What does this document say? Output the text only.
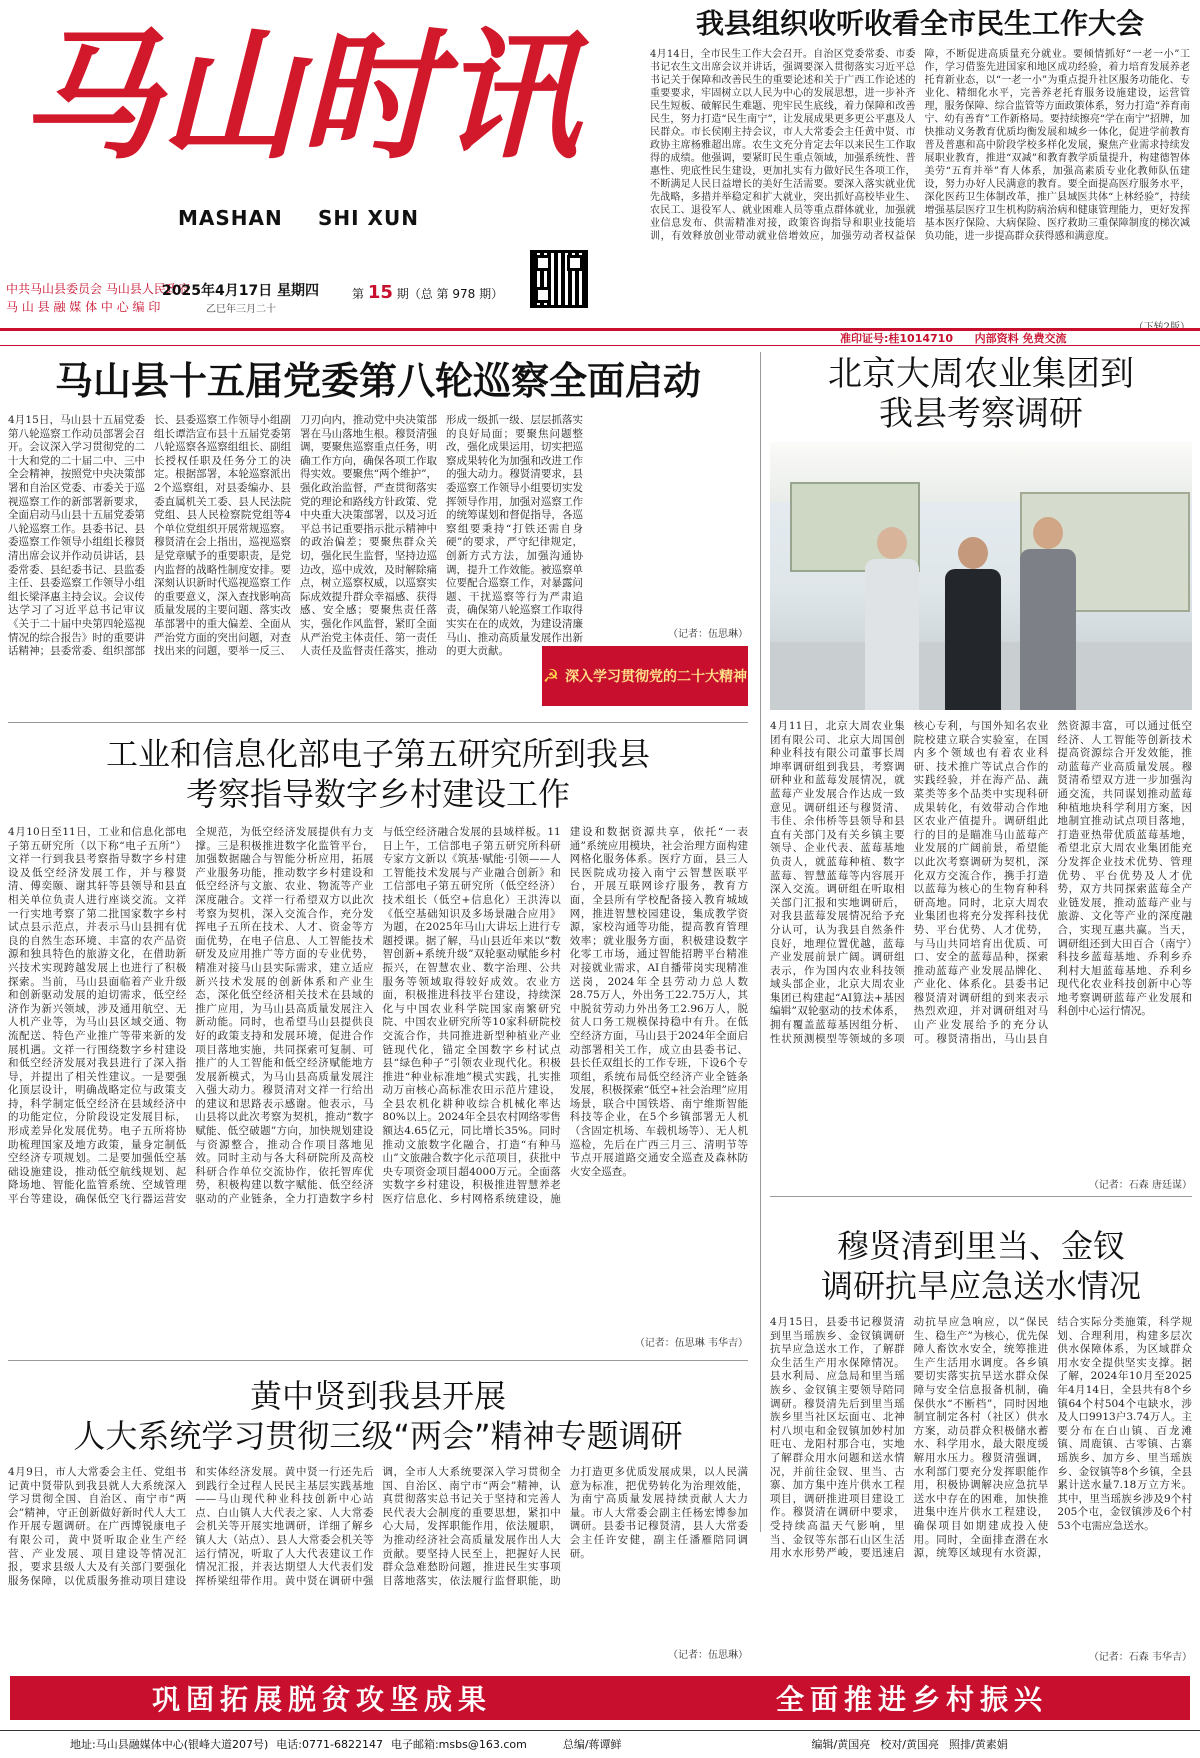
马 山 时 讯
MASHAN SHI XUN
中共马山县委员会 马山县人民政府
马 山 县 融 媒 体 中 心 编 印
2025年4月17日 星期四
乙巳年三月二十
第 15 期（总 第 978 期）
我县组织收听收看全市民生工作大会
4月14日，全市民生工作大会召开。自治区党委常委、市委书记农生文出席会议并讲话，强调要深入贯彻落实习近平总书记关于保障和改善民生的重要论述和关于广西工作论述的重要要求，牢固树立以人民为中心的发展思想，进一步补齐民生短板、破解民生难题、兜牢民生底线，着力保障和改善民生，努力打造“民生南宁”，让发展成果更多更公平惠及人民群众。市长侯刚主持会议，市人大常委会主任黄中贤、市政协主席杨雅超出席。农生文充分肯定去年以来民生工作取得的成绩。他强调，要紧盯民生重点领域，加强系统性、普惠性、兜底性民生建设，更加扎实有力做好民生各项工作，不断满足人民日益增长的美好生活需要。要深入落实就业优先战略，多措并举稳定和扩大就业，突出抓好高校毕业生、农民工、退役军人、就业困难人员等重点群体就业，加强就业信息发布、供需精准对接，政策咨询指导和职业技能培训，有效释放创业带动就业倍增效应，加强劳动者权益保障，不断促进高质量充分就业。要倾情抓好“一老一小”工作，学习借鉴先进国家和地区成功经验，着力培育发展养老托育新业态，以“一老一小”为重点提升社区服务功能化、专业化、精细化水平，完善养老托育服务设施建设，运营管理，服务保障、综合监管等方面政策体系，努力打造“养育南宁、幼有善育”工作新格局。要持续擦亮“学在南宁”招牌，加快推动义务教育优质均衡发展和城乡一体化，促进学前教育普及普惠和高中阶段学校多样化发展，聚焦产业需求持续发展职业教育，推进“双减”和教育教学质量提升，构建德智体美劳“五育并举”育人体系，加强高素质专业化教师队伍建设，努力办好人民满意的教育。要全面提高医疗服务水平，深化医药卫生体制改革，推广县域医共体“上林经验”，持续增强基层医疗卫生机构防病治病和健康管理能力，更好发挥基本医疗保险、大病保险、医疗救助三重保障制度的梯次减负功能，进一步提高群众获得感和满意度。
准印证号:桂1014710 内部资料 免费交流
马山县十五届党委第八轮巡察全面启动
4月15日，马山县十五届党委第八轮巡察工作动员部署会召开。会议深入学习贯彻党的二十大和党的二十届二中、三中全会精神，按照党中央决策部署和自治区党委、市委关于巡视巡察工作的新部署新要求，全面启动马山县十五届党委第八轮巡察工作。县委书记、县委巡察工作领导小组组长穆贤清出席会议并作动员讲话，县委常委、县纪委书记、县监委主任、县委巡察工作领导小组组长梁泽惠主持会议。会议传达学习了习近平总书记审议《关于二十届中央第四轮巡视情况的综合报告》时的重要讲话精神；县委常委、组织部部长、县委巡察工作领导小组副组长谭浩宣布县十五届党委第八轮巡察各巡察组组长、副组长授权任职及任务分工的决定。根据部署，本轮巡察派出2个巡察组，对县委编办、县委直属机关工委、县人民法院党组、县人民检察院党组等4个单位党组织开展常规巡察。穆贤清在会上指出，巡视巡察是党章赋予的重要职责，是党内监督的战略性制度安排。要深刻认识新时代巡视巡察工作的重要意义，深入查找影响高质量发展的主要问题、落实改革部署中的重大偏差、全面从严治党方面的突出问题，对查找出来的问题，要举一反三、刀刃向内，推动党中央决策部署在马山落地生根。穆贤清强调，要聚焦巡察重点任务，明确工作方向，确保各项工作取得实效。要聚焦“两个维护”，强化政治监督，严查贯彻落实党的理论和路线方针政策、党中央重大决策部署，以及习近平总书记重要指示批示精神中的政治偏差；要聚焦群众关切，强化民生监督，坚持边巡边改，巡中成效，及时解除痛点，树立巡察权威，以巡察实际成效提升群众幸福感、获得感、安全感；要聚焦责任落实，强化作风监督，紧盯全面从严治党主体责任、第一责任人责任及监督责任落实，推动形成一级抓一级、层层抓落实的良好局面；要聚焦问题整改，强化成果运用，切实把巡察成果转化为加强和改进工作的强大动力。穆贤清要求，县委巡察工作领导小组要切实发挥领导作用，加强对巡察工作的统筹谋划和督促指导，各巡察组要秉持“打铁还需自身硬”的要求，严守纪律规定，创新方式方法，加强沟通协调，提升工作效能。被巡察单位要配合巡察工作，对暴露问题、干扰巡察等行为严肃追责，确保第八轮巡察工作取得实实在在的成效，为建设清廉马山、推动高质量发展作出新的更大贡献。
（记者：伍思琳）
☭ 深入学习贯彻党的二十大精神
北京大周农业集团到
我县考察调研
4月11日，北京大周农业集团有限公司、北京大周国创种业科技有限公司董事长周坤率调研组到我县，考察调研种业和蓝莓发展情况，就蓝莓产业发展合作达成一致意见。调研组还与穆贤清、韦佳、余伟桥等县领导和县直有关部门及有关乡镇主要领导、企业代表、蓝莓基地负责人，就蓝莓种植、数字蓝莓、智慧蓝莓等内容展开深入交流。调研组在听取相关部门汇报和实地调研后，对我县蓝莓发展情况给予充分认可，认为我县自然条件良好，地理位置优越，蓝莓产业发展前景广阔。调研组表示，作为国内农业科技领域头部企业，北京大周农业集团已构建起“AI算法+基因编辑”双轮驱动的技术体系，拥有覆盖蓝莓基因组分析、性状预测模型等领域的多项核心专利，与国外知名农业院校建立联合实验室，在国内多个领域也有着农业科研、技术推广等试点合作的实践经验，并在海产品、蔬菜类等多个品类中实现科研成果转化，有效带动合作地区农业产值提升。调研组此行的目的是瞄准马山蓝莓产业发展的广阔前景，希望能以此次考察调研为契机，深化双方交流合作，携手打造以蓝莓为核心的生物育种科研高地。同时，北京大周农业集团也将充分发挥科技优势、平台优势、人才优势，与马山共同培育出优质、可口、安全的蓝莓品种，探索推动蓝莓产业发展品牌化、产业化、体系化。县委书记穆贤清对调研组的到来表示热烈欢迎，并对调研组对马山产业发展给予的充分认可。穆贤清指出，马山县自然资源丰富，可以通过低空经济、人工智能等创新技术提高资源综合开发效能，推动蓝莓产业高质量发展。穆贤清希望双方进一步加强沟通交流，共同谋划推动蓝莓种植地块科学利用方案，因地制宜推动试点项目落地，打造亚热带优质蓝莓基地，希望北京大周农业集团能充分发挥企业技术优势、管理优势、平台优势及人才优势，双方共同探索蓝莓全产业链发展，推动蓝莓产业与旅游、文化等产业的深度融合，实现互惠共赢。当天，调研组还到大田百合（南宁）科技乡蓝莓基地、乔利乡乔利村大旭蓝莓基地、乔利乡现代化农业科技创新中心等地考察调研蓝莓产业发展和科创中心运行情况。
（记者：石森 唐廷谋）
工业和信息化部电子第五研究所到我县
考察指导数字乡村建设工作
4月10日至11日，工业和信息化部电子第五研究所（以下称“电子五所”）文祥一行到我县考察指导数字乡村建设及低空经济发展工作，并与穆贤清、傅奕颐、谢其轩等县领导和县直相关单位负责人进行座谈交流。文祥一行实地考察了第二批国家数字乡村试点县示范点，并表示马山县拥有优良的自然生态环境、丰富的农产品资源和独具特色的旅游文化，在借助新兴技术实现跨越发展上也进行了积极探索。当前，马山县面临着产业升级和创新驱动发展的迫切需求，低空经济作为新兴领域，涉及通用航空、无人机产业等，为马山县区域交通、物流配送、特色产业推广等带来新的发展机遇。文祥一行围绕数字乡村建设和低空经济发展对我县进行了深入指导，并提出了相关性建议。一是要强化顶层设计，明确战略定位与政策支持，科学制定低空经济在县域经济中的功能定位，分阶段设定发展目标，形成差异化发展优势。电子五所将协助梳理国家及地方政策，量身定制低空经济专项规划。二是要加强低空基础设施建设，推动低空航线规划、起降场地、智能化监管系统、空域管理平台等建设，确保低空飞行器运营安全规范，为低空经济发展提供有力支撑。三是积极推进数字化监管平台，加强数据融合与智能分析应用，拓展产业服务功能，推动数字乡村建设和低空经济与文旅、农业、物流等产业深度融合。文祥一行希望双方以此次考察为契机，深入交流合作，充分发挥电子五所在技术、人才、资金等方面优势，在电子信息、人工智能技术研发及应用推广等方面的专业优势，精准对接马山县实际需求，建立适应新兴技术发展的创新体系和产业生态，深化低空经济相关技术在县域的推广应用，为马山县高质量发展注入新动能。同时，也希望马山县提供良好的政策支持和发展环境，促进合作项目落地实施，共同探索可复制、可推广的人工智能和低空经济赋能地方发展新模式，为马山县高质量发展注入强大动力。穆贤清对文祥一行给出的建议和思路表示感谢。他表示，马山县将以此次考察为契机，推动“数字赋能、低空破题”方向，加快规划建设与资源整合，推动合作项目落地见效。同时主动与各大科研院所及高校科研合作单位交流协作，依托智库优势，积极构建以数字赋能、低空经济驱动的产业链条，全力打造数字乡村与低空经济融合发展的县域样板。11日上午，工信部电子第五研究所科研专家方文新以《筑基·赋能·引领——人工智能技术发展与产业融合创新》和工信部电子第五研究所（低空经济）技术组长（低空+信息化）王洪涛以《低空基础知识及多场景融合应用》为题，在2025年马山大讲坛上进行专题授课。据了解，马山县近年来以“数智创新+系统升级”双轮驱动赋能乡村振兴，在智慧农业、数字治理、公共服务等领域取得较好成效。农业方面，积极推进科技平台建设，持续深化与中国农业科学院国家南繁研究院、中国农业研究所等10家科研院校交流合作，共同推进新型种植业产业链现代化，锚定全国数字乡村试点县“绿色种子”引领农业现代化。积极推进“种业标准地”模式实践，扎实推动万亩核心高标准农田示范片建设，全县农机化耕种收综合机械化率达80%以上。2024年全县农村网络零售额达4.65亿元，同比增长35%。同时推动文旅数字化融合，打造“有种马山”文旅融合数字化示范项目，获批中央专项资金项目超4000万元。全面落实数字乡村建设，积极推进智慧养老医疗信息化、乡村网格系统建设，施建设和数据资源共享，依托“一表通”系统应用模块，社会治理方面构建网格化服务体系。医疗方面，县三人民医院成功接入南宁云智慧医联平台，开展互联网诊疗服务，教育方面，全县所有学校配备接入教育城域网，推进智慧校园建设，集成教学资源，家校沟通等功能，提高教育管理效率；就业服务方面，积极建设数字化零工市场，通过智能招聘平台精准对接就业需求，AI自播带岗实现精准送岗，2024年全县劳动力总人数28.75万人，外出务工22.75万人，其中脱贫劳动力外出务工2.96万人，脱贫人口务工规模保持稳中有升。在低空经济方面，马山县于2024年全面启动部署相关工作，成立由县委书记、县长任双组长的工作专班，下设6个专项组，系统布局低空经济产业全链条发展，积极探索“低空+社会治理”应用场景，联合中国铁塔、南宁维斯智能科技等企业，在5个乡镇部署无人机（含固定机场、车载机场等）、无人机巡检，先后在广西三月三、清明节等节点开展道路交通安全巡查及森林防火安全巡查。
（记者：伍思琳 韦华吉）
黄中贤到我县开展
人大系统学习贯彻三级“两会”精神专题调研
4月9日，市人大常委会主任、党组书记黄中贤带队到我县就人大系统深入学习贯彻全国、自治区、南宁市“两会”精神，守正创新做好新时代人大工作开展专题调研。在广西博锐康电子有限公司，黄中贤听取企业生产经营、产业发展、项目建设等情况汇报，要求县级人大及有关部门要强化服务保障，以优质服务推动项目建设和实体经济发展。黄中贤一行还先后到践行全过程人民民主基层实践基地——马山现代种业科技创新中心站点、白山镇人大代表之家、人大常委会机关等开展实地调研，详细了解乡镇人大（站点）、县人大常委会机关等运行情况，听取了人大代表建议工作情况汇报，并表达期望人大代表们发挥桥梁纽带作用。黄中贤在调研中强调，全市人大系统要深入学习贯彻全国、自治区、南宁市“两会”精神，认真贯彻落实总书记关于坚持和完善人民代表大会制度的重要思想，紧扣中心大局，发挥职能作用，依法履职，为推动经济社会高质量发展作出人大贡献。要坚持人民至上，把握好人民群众急难愁盼问题，推进民生实事项目落地落实，依法履行监督职能，助力打造更多优质发展成果，以人民满意为标准，把优势转化为治理效能，为南宁高质量发展持续贡献人大力量。市人大常委会副主任杨宏博参加调研。县委书记穆贤清，县人大常委会主任许安健，副主任潘雁陪同调研。
（记者：伍思琳）
穆贤清到里当、金钗
调研抗旱应急送水情况
4月15日，县委书记穆贤清到里当瑶族乡、金钗镇调研抗旱应急送水工作，了解群众生活生产用水保障情况。县水利局、应急局和里当瑶族乡、金钗镇主要领导陪同调研。穆贤清先后到里当瑶族乡里当社区坛面屯、北神村八坝屯和金钗镇加妙村加旺屯、龙阳村那合屯，实地了解群众用水问题和送水情况，并前往金钗、里当、古寨、加方集中连片供水工程项目，调研推进项目建设工作。穆贤清在调研中要求，受持续高温天气影响，里当、金钗等东部石山区生活用水水形势严峻，要迅速启动抗旱应急响应，以“保民生、稳生产”为核心，优先保障人畜饮水安全，统筹推进生产生活用水调度。各乡镇要切实落实抗旱送水群众保障与安全信息报备机制，确保供水“不断档”，同时因地制宜制定各村（社区）供水方案，动员群众积极储水蓄水、科学用水，最大限度缓解用水压力。穆贤清强调，水利部门要充分发挥职能作用，积极协调解决应急抗旱送水中存在的困难，加快推进集中连片供水工程建设，确保项目如期建成投入使用。同时，全面排查潜在水源，统筹区域现有水资源，结合实际分类施策，科学规划、合理利用，构建多层次供水保障体系，为区域群众用水安全提供坚实支撑。据了解，2024年10月至2025年4月14日，全县共有8个乡镇64个村504个屯缺水，涉及人口9913户3.74万人。主要分布在白山镇、百龙滩镇、周鹿镇、古零镇、古寨瑶族乡、加方乡、里当瑶族乡、金钗镇等8个乡镇，全县累计送水量7.18万立方米。其中，里当瑶族乡涉及9个村205个屯，金钗镇涉及6个村53个屯需应急送水。
（记者：石森 韦华吉）
巩固拓展脱贫攻坚成果	全面推进乡村振兴
地址:马山县融媒体中心(银峰大道207号) 电话:0771-6822147 电子邮箱:msbs@163.com	总编/蒋谭鲜	编辑/黄国亮 校对/黄国亮 照排/黄素娟
